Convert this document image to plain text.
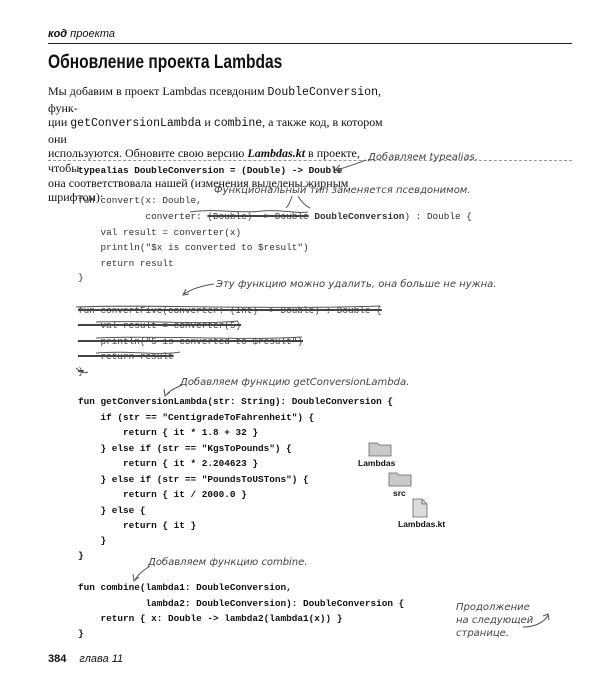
код проекта
Обновление проекта Lambdas
Мы добавим в проект Lambdas псевдоним DoubleConversion, функ-
ции getConversionLambda и combine, а также код, в котором они
используются. Обновите свою версию Lambdas.kt в проекте, чтобы
она соответствовала нашей (изменения выделены жирным шрифтом):
typealias DoubleConversion = (Double) -> Double
fun convert(x: Double,
converter: (Double) -> Double DoubleConversion) : Double {
val result = converter(x)
println("$x is converted to $result")
return result
}
fun convertFive(converter: (Int) -> Double) : Double {
val result = converter(5)
println("5 is converted to $result")
return result
}
fun getConversionLambda(str: String): DoubleConversion {
if (str == "CentigradeToFahrenheit") {
return { it * 1.8 + 32 }
} else if (str == "KgsToPounds") {
return { it * 2.204623 }
} else if (str == "PoundsToUSTons") {
return { it / 2000.0 }
} else {
return { it }
}
}
fun combine(lambda1: DoubleConversion,
lambda2: DoubleConversion): DoubleConversion {
return { x: Double -> lambda2(lambda1(x)) }
}
Добавляем typealias.
Функциональный тип заменяется псевдонимом.
Эту функцию можно удалить, она больше не нужна.
Добавляем функцию getConversionLambda.
Добавляем функцию combine.
Продолжение
на следующей
странице.
Lambdas
src
Lambdas.kt
384 глава 11
